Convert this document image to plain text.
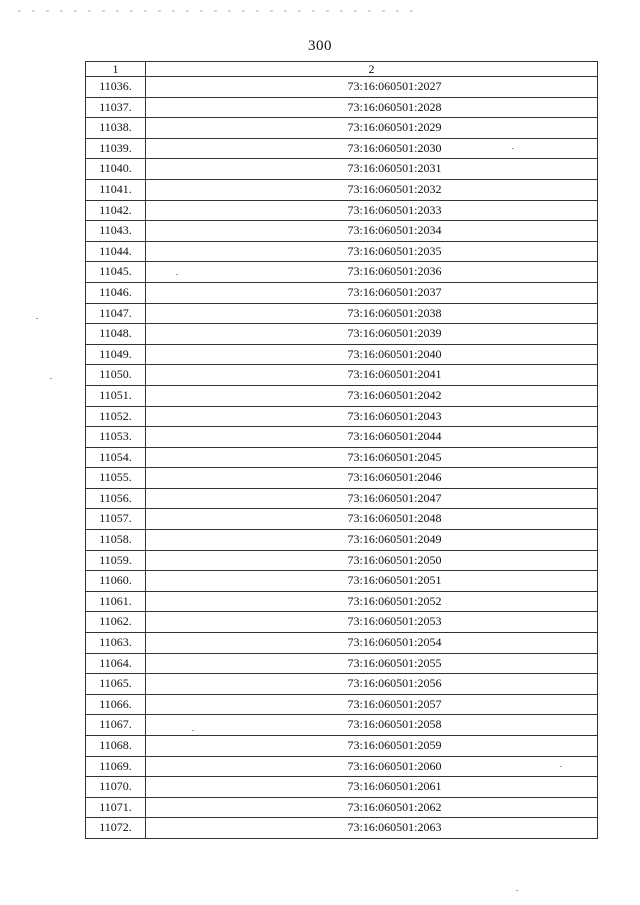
300
1	2
11036.	73:16:060501:2027
11037.	73:16:060501:2028
11038.	73:16:060501:2029
11039.	73:16:060501:2030
11040.	73:16:060501:2031
11041.	73:16:060501:2032
11042.	73:16:060501:2033
11043.	73:16:060501:2034
11044.	73:16:060501:2035
11045.	73:16:060501:2036
11046.	73:16:060501:2037
11047.	73:16:060501:2038
11048.	73:16:060501:2039
11049.	73:16:060501:2040
11050.	73:16:060501:2041
11051.	73:16:060501:2042
11052.	73:16:060501:2043
11053.	73:16:060501:2044
11054.	73:16:060501:2045
11055.	73:16:060501:2046
11056.	73:16:060501:2047
11057.	73:16:060501:2048
11058.	73:16:060501:2049
11059.	73:16:060501:2050
11060.	73:16:060501:2051
11061.	73:16:060501:2052
11062.	73:16:060501:2053
11063.	73:16:060501:2054
11064.	73:16:060501:2055
11065.	73:16:060501:2056
11066.	73:16:060501:2057
11067.	73:16:060501:2058
11068.	73:16:060501:2059
11069.	73:16:060501:2060
11070.	73:16:060501:2061
11071.	73:16:060501:2062
11072.	73:16:060501:2063
